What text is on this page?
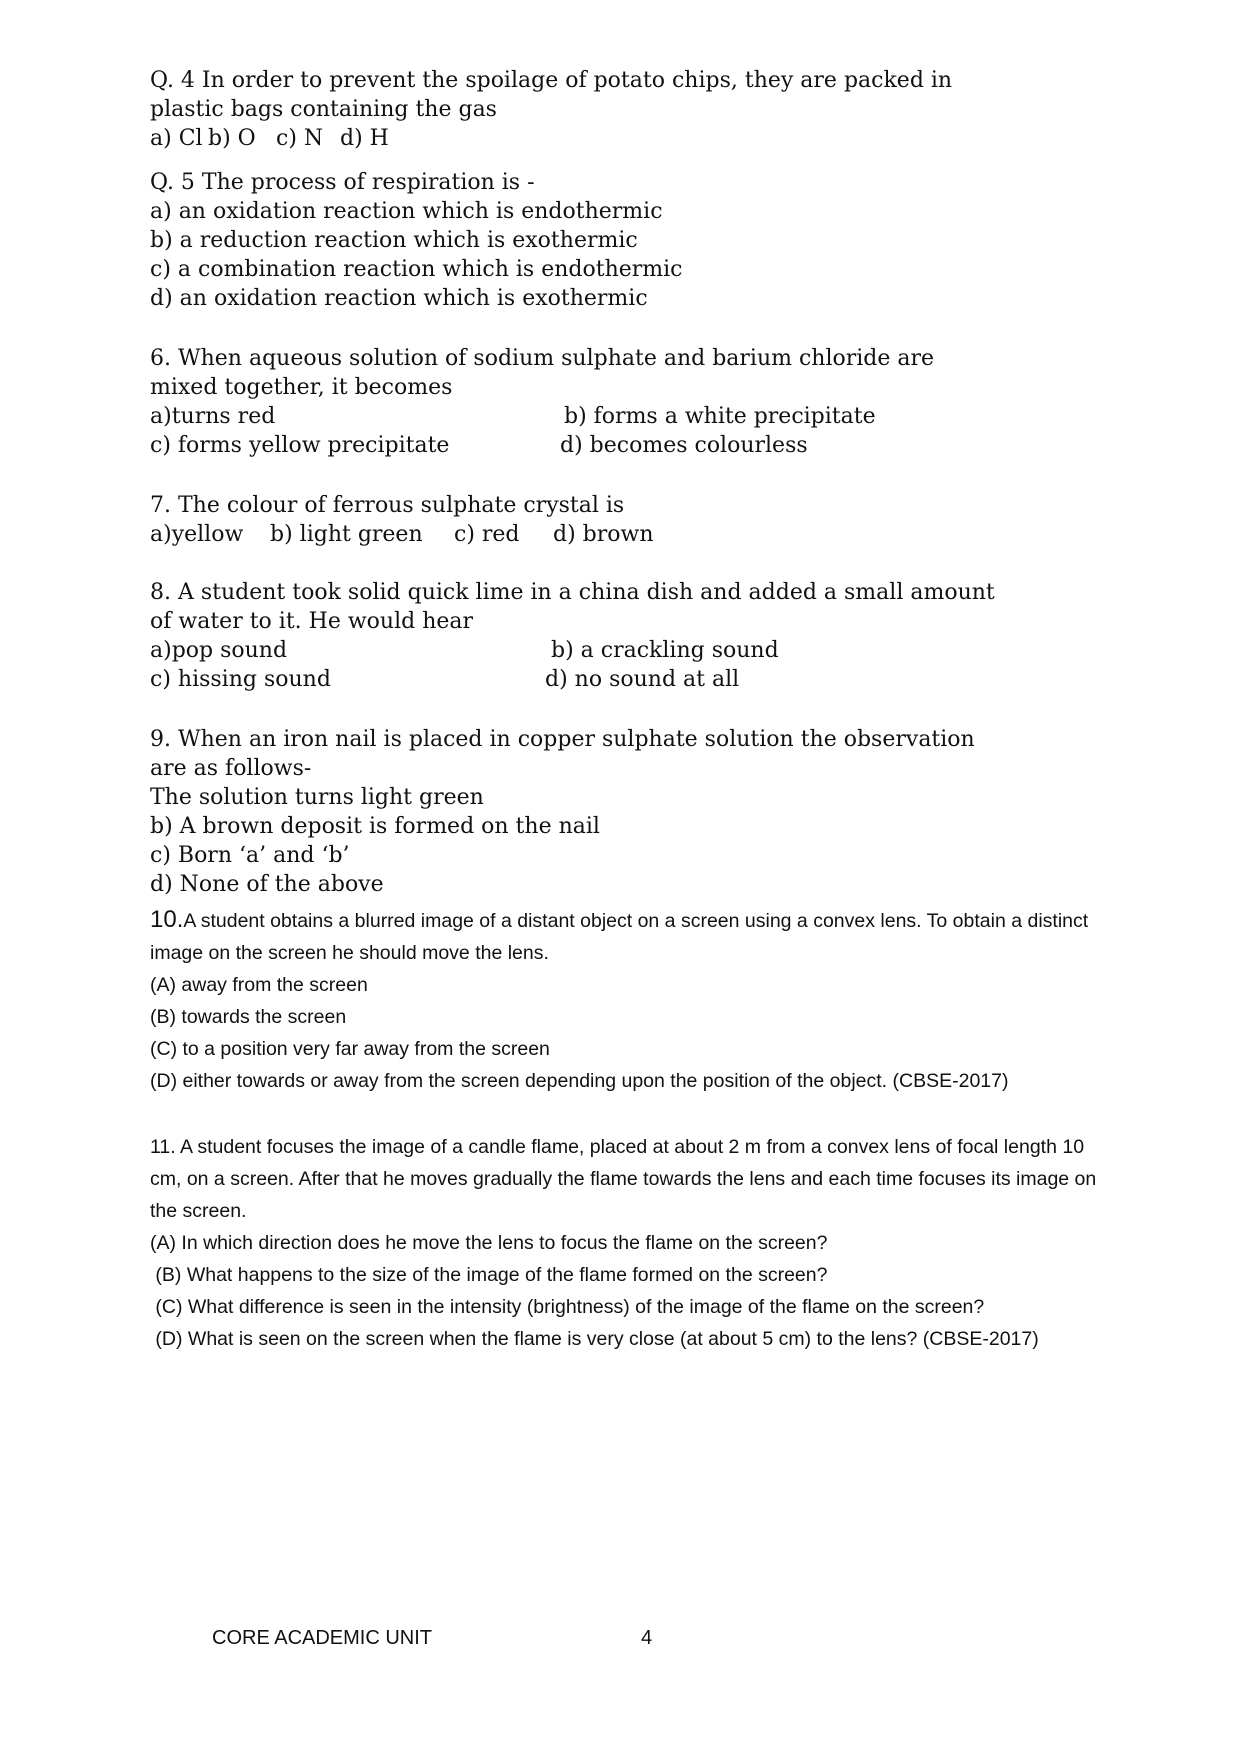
Q. 4 In order to prevent the spoilage of potato chips, they are packed in
plastic bags containing the gas
a) Cl b) O c) N d) H
Q. 5 The process of respiration is -
a) an oxidation reaction which is endothermic
b) a reduction reaction which is exothermic
c) a combination reaction which is endothermic
d) an oxidation reaction which is exothermic
6. When aqueous solution of sodium sulphate and barium chloride are
mixed together, it becomes
a)turns red	b) forms a white precipitate
c) forms yellow precipitate	d) becomes colourless
7. The colour of ferrous sulphate crystal is
a)yellow b) light green c) red d) brown
8. A student took solid quick lime in a china dish and added a small amount
of water to it. He would hear
a)pop sound	b) a crackling sound
c) hissing sound	d) no sound at all
9. When an iron nail is placed in copper sulphate solution the observation
are as follows-
The solution turns light green
b) A brown deposit is formed on the nail
c) Born ‘a’ and ‘b’
d) None of the above
10.A student obtains a blurred image of a distant object on a screen using a convex lens. To obtain a distinct image on the screen he should move the lens.
(A) away from the screen
(B) towards the screen
(C) to a position very far away from the screen
(D) either towards or away from the screen depending upon the position of the object. (CBSE-2017)
11. A student focuses the image of a candle flame, placed at about 2 m from a convex lens of focal length 10 cm, on a screen. After that he moves gradually the flame towards the lens and each time focuses its image on the screen.
(A) In which direction does he move the lens to focus the flame on the screen?
(B) What happens to the size of the image of the flame formed on the screen?
(C) What difference is seen in the intensity (brightness) of the image of the flame on the screen?
(D) What is seen on the screen when the flame is very close (at about 5 cm) to the lens? (CBSE-2017)
CORE ACADEMIC UNIT	4
